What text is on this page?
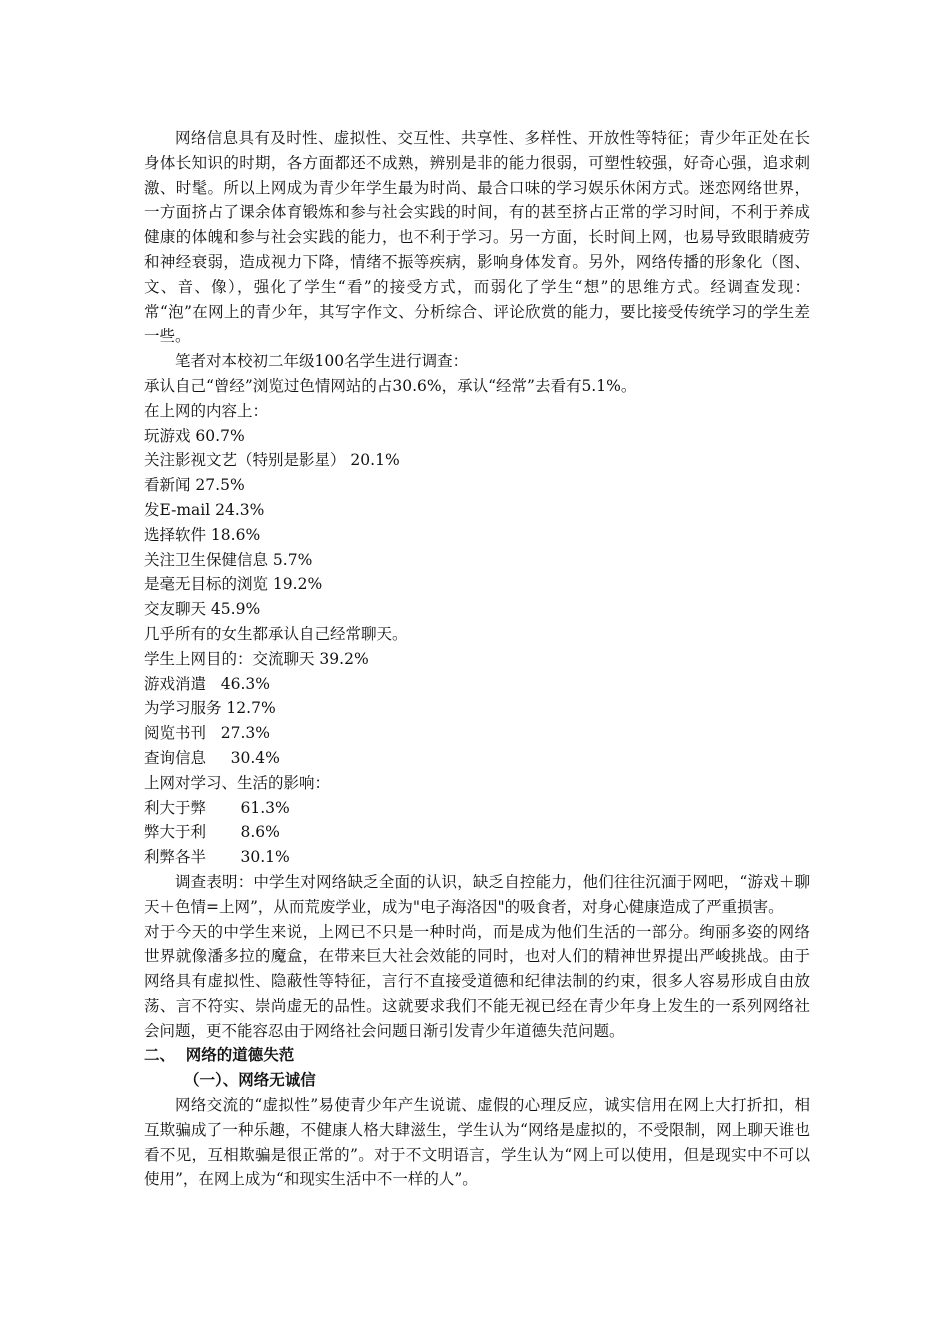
网络信息具有及时性、虚拟性、交互性、共享性、多样性、开放性等特征；青少年正处在长身体长知识的时期，各方面都还不成熟，辨别是非的能力很弱，可塑性较强，好奇心强，追求刺激、时髦。所以上网成为青少年学生最为时尚、最合口味的学习娱乐休闲方式。迷恋网络世界，一方面挤占了课余体育锻炼和参与社会实践的时间，有的甚至挤占正常的学习时间，不利于养成健康的体魄和参与社会实践的能力，也不利于学习。另一方面，长时间上网，也易导致眼睛疲劳和神经衰弱，造成视力下降，情绪不振等疾病，影响身体发育。另外，网络传播的形象化（图、文、音、像），强化了学生“看”的接受方式，而弱化了学生“想”的思维方式。经调查发现：常“泡”在网上的青少年，其写字作文、分析综合、评论欣赏的能力，要比接受传统学习的学生差一些。

笔者对本校初二年级100名学生进行调查：

承认自己“曾经”浏览过色情网站的占30.6%，承认“经常”去看有5.1%。

在上网的内容上：

玩游戏 60.7%

关注影视文艺（特别是影星） 20.1%

看新闻 27.5%

发E-mail 24.3%

选择软件 18.6%

关注卫生保健信息 5.7%

是毫无目标的浏览 19.2%

交友聊天 45.9%

几乎所有的女生都承认自己经常聊天。

学生上网目的：交流聊天 39.2%

游戏消遣   46.3%

为学习服务 12.7%

阅览书刊   27.3%

查询信息     30.4%

上网对学习、生活的影响：

利大于弊       61.3%

弊大于利       8.6%

利弊各半       30.1%

调查表明：中学生对网络缺乏全面的认识，缺乏自控能力，他们往往沉湎于网吧，“游戏＋聊天＋色情=上网”，从而荒废学业，成为"电子海洛因"的吸食者，对身心健康造成了严重损害。

对于今天的中学生来说，上网已不只是一种时尚，而是成为他们生活的一部分。绚丽多姿的网络世界就像潘多拉的魔盒，在带来巨大社会效能的同时，也对人们的精神世界提出严峻挑战。由于网络具有虚拟性、隐蔽性等特征，言行不直接受道德和纪律法制的约束，很多人容易形成自由放荡、言不符实、崇尚虚无的品性。这就要求我们不能无视已经在青少年身上发生的一系列网络社会问题，更不能容忍由于网络社会问题日渐引发青少年道德失范问题。

二、  网络的道德失范

（一）、网络无诚信

网络交流的“虚拟性”易使青少年产生说谎、虚假的心理反应，诚实信用在网上大打折扣，相互欺骗成了一种乐趣，不健康人格大肆滋生，学生认为“网络是虚拟的，不受限制，网上聊天谁也看不见，互相欺骗是很正常的”。对于不文明语言，学生认为“网上可以使用，但是现实中不可以使用”，在网上成为“和现实生活中不一样的人”。
